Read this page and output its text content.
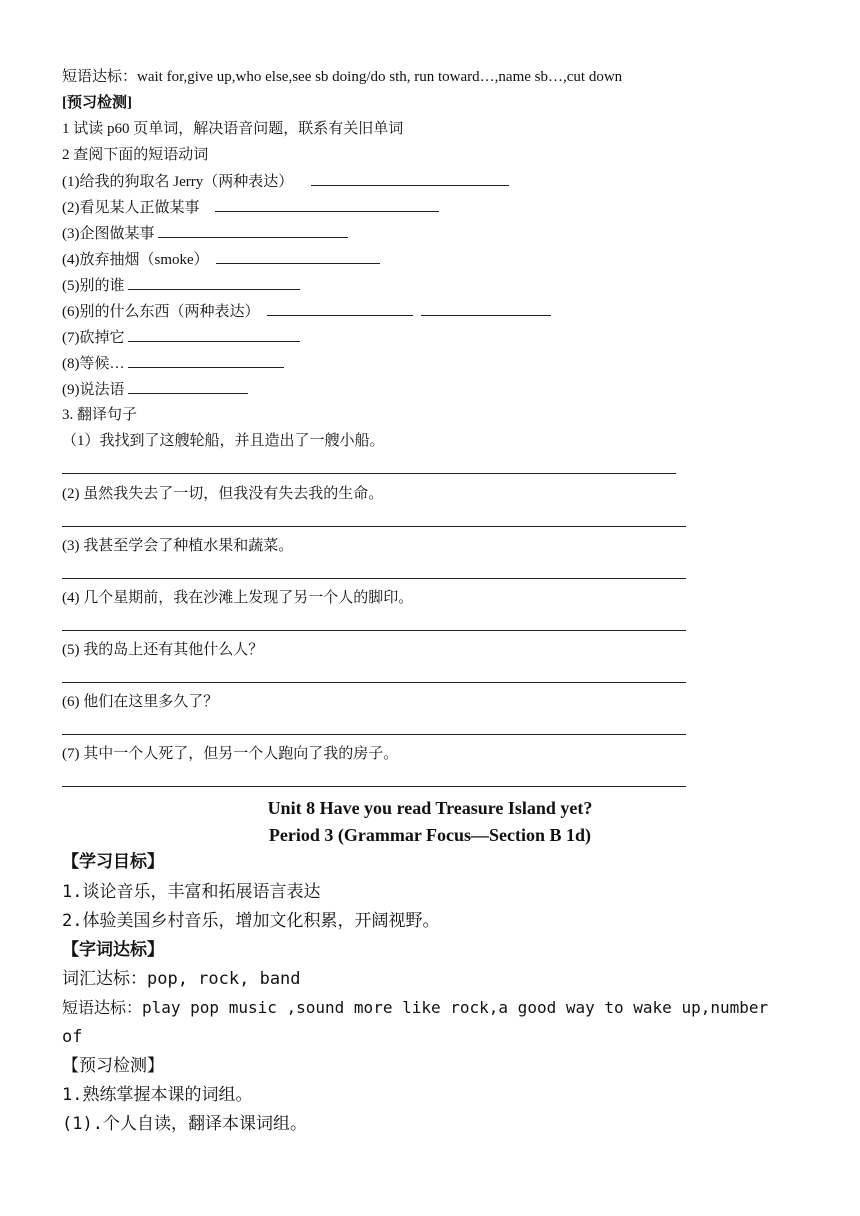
短语达标：wait for,give up,who else,see sb doing/do sth, run toward…,name sb…,cut down
[预习检测]
1 试读 p60 页单词，解决语音问题，联系有关旧单词
2 查阅下面的短语动词
(1)给我的狗取名 Jerry（两种表达）
(2)看见某人正做某事
(3)企图做某事
(4)放弃抽烟（smoke）
(5)别的谁
(6)别的什么东西（两种表达）
(7)砍掉它
(8)等候…
(9)说法语
3. 翻译句子
（1）我找到了这艘轮船，并且造出了一艘小船。
(2) 虽然我失去了一切，但我没有失去我的生命。
(3) 我甚至学会了种植水果和蔬菜。
(4) 几个星期前，我在沙滩上发现了另一个人的脚印。
(5) 我的岛上还有其他什么人？
(6) 他们在这里多久了？
(7) 其中一个人死了，但另一个人跑向了我的房子。
Unit 8 Have you read Treasure Island yet?
Period 3 (Grammar Focus—Section B 1d)
【学习目标】
1.谈论音乐，丰富和拓展语言表达
2.体验美国乡村音乐，增加文化积累，开阔视野。
【字词达标】
词汇达标：pop, rock, band
短语达标：play pop music ,sound more like rock,a good way to wake up,number
of
【预习检测】
1.熟练掌握本课的词组。
(1).个人自读，翻译本课词组。
